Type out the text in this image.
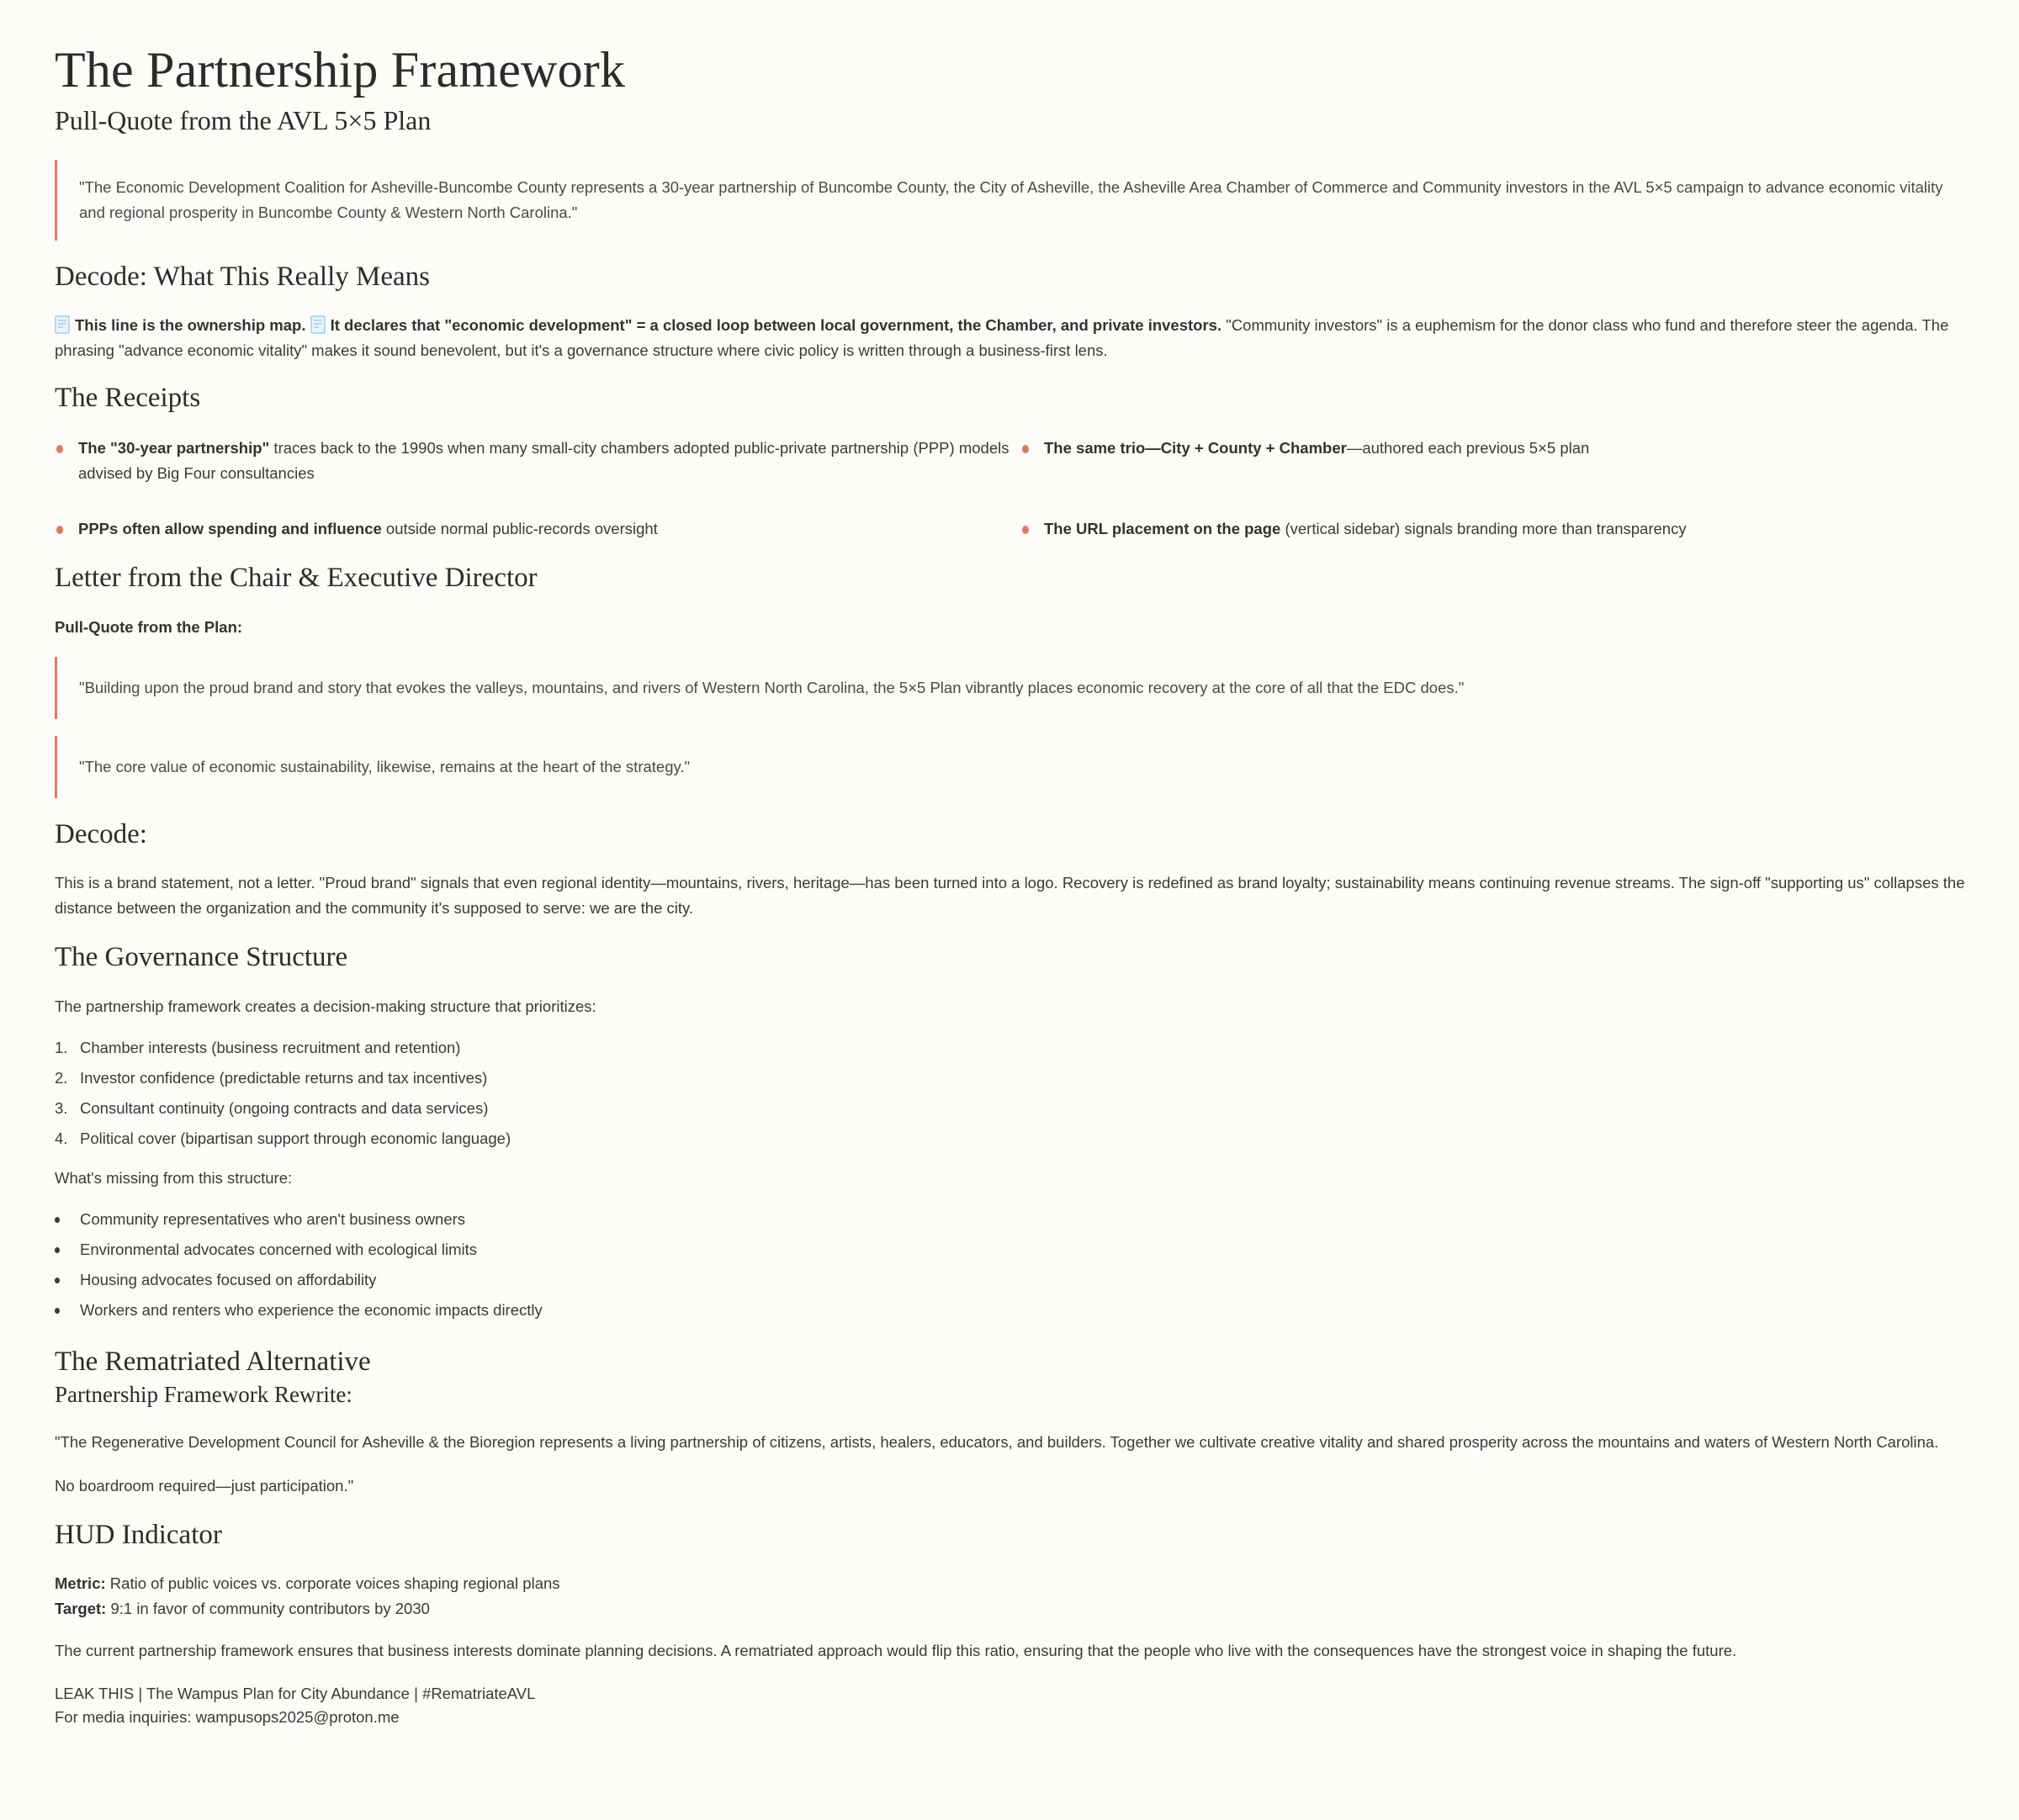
The Partnership Framework
Pull-Quote from the AVL 5×5 Plan

"The Economic Development Coalition for Asheville-Buncombe County represents a 30-year partnership of Buncombe County, the City of Asheville, the Asheville Area Chamber of Commerce and Community investors in the AVL 5×5 campaign to advance economic vitality and regional prosperity in Buncombe County & Western North Carolina."

Decode: What This Really Means

This line is the ownership map. It declares that "economic development" = a closed loop between local government, the Chamber, and private investors. "Community investors" is a euphemism for the donor class who fund and therefore steer the agenda. The phrasing "advance economic vitality" makes it sound benevolent, but it's a governance structure where civic policy is written through a business-first lens.

The Receipts
The "30-year partnership" traces back to the 1990s when many small-city chambers adopted public-private partnership (PPP) models advised by Big Four consultancies
The same trio—City + County + Chamber—authored each previous 5×5 plan
PPPs often allow spending and influence outside normal public-records oversight	The URL placement on the page (vertical sidebar) signals branding more than transparency
Letter from the Chair & Executive Director

Pull-Quote from the Plan:

"Building upon the proud brand and story that evokes the valleys, mountains, and rivers of Western North Carolina, the 5×5 Plan vibrantly places economic recovery at the core of all that the EDC does."

"The core value of economic sustainability, likewise, remains at the heart of the strategy."

Decode:

This is a brand statement, not a letter. "Proud brand" signals that even regional identity—mountains, rivers, heritage—has been turned into a logo. Recovery is redefined as brand loyalty; sustainability means continuing revenue streams. The sign-off "supporting us" collapses the distance between the organization and the community it's supposed to serve: we are the city.

The Governance Structure

The partnership framework creates a decision-making structure that prioritizes:

1. Chamber interests (business recruitment and retention)
2. Investor confidence (predictable returns and tax incentives)
3. Consultant continuity (ongoing contracts and data services)
4. Political cover (bipartisan support through economic language)

What's missing from this structure:

Community representatives who aren't business owners
Environmental advocates concerned with ecological limits
Housing advocates focused on affordability
Workers and renters who experience the economic impacts directly
The Rematriated Alternative
Partnership Framework Rewrite:

"The Regenerative Development Council for Asheville & the Bioregion represents a living partnership of citizens, artists, healers, educators, and builders. Together we cultivate creative vitality and shared prosperity across the mountains and waters of Western North Carolina.

No boardroom required—just participation."

HUD Indicator

Metric: Ratio of public voices vs. corporate voices shaping regional plans

Target: 9:1 in favor of community contributors by 2030

The current partnership framework ensures that business interests dominate planning decisions. A rematriated approach would flip this ratio, ensuring that the people who live with the consequences have the strongest voice in shaping the future.

LEAK THIS | The Wampus Plan for City Abundance | #RematriateAVL

For media inquiries: wampusops2025@proton.me
